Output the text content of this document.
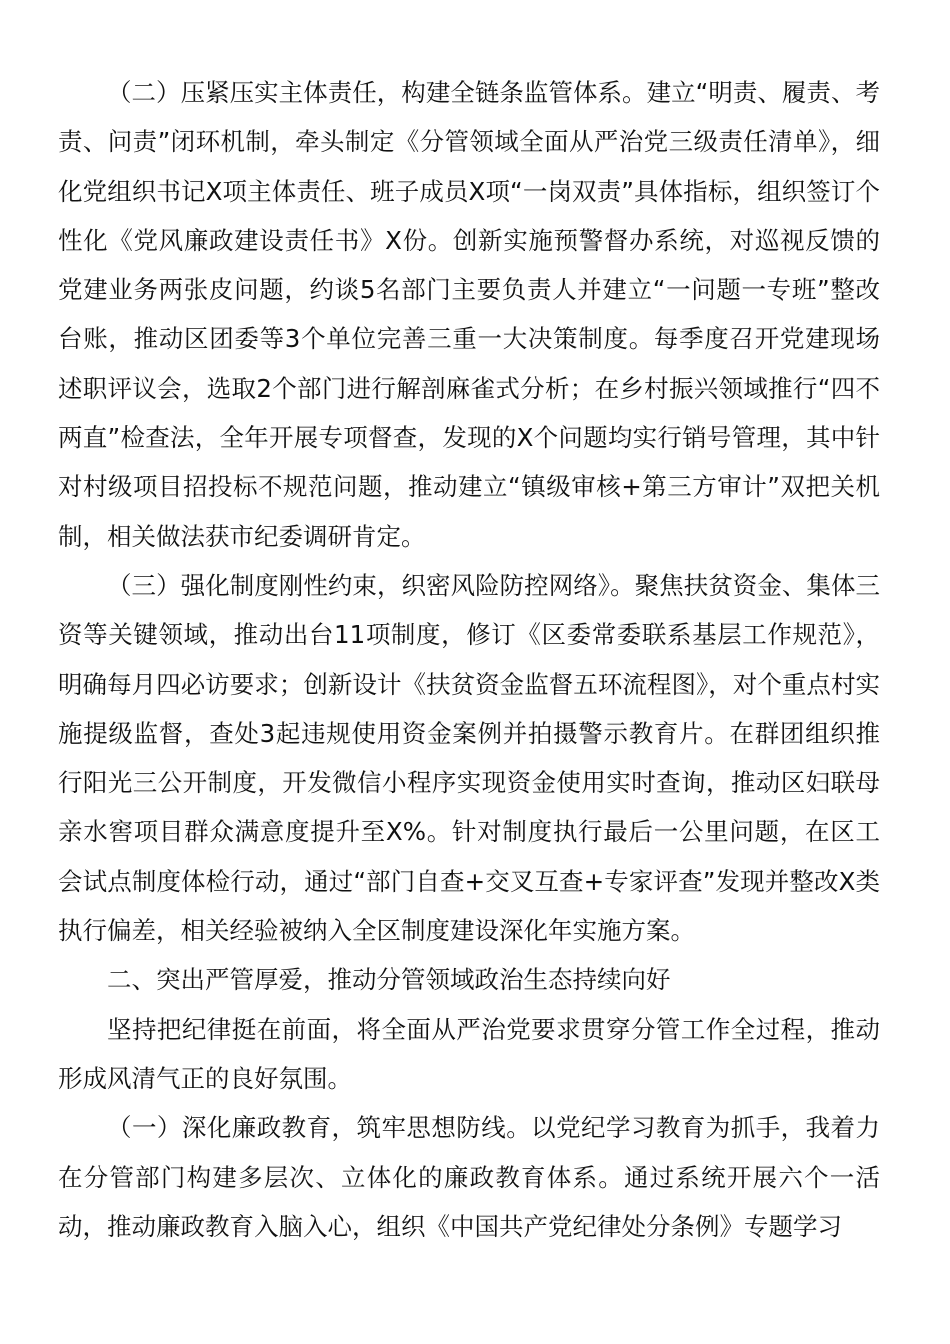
（二）压紧压实主体责任，构建全链条监管体系。建立“明责、履责、考责、问责”闭环机制，牵头制定《分管领域全面从严治党三级责任清单》，细化党组织书记X项主体责任、班子成员X项“一岗双责”具体指标，组织签订个性化《党风廉政建设责任书》X份。创新实施预警督办系统，对巡视反馈的党建业务两张皮问题，约谈5名部门主要负责人并建立“一问题一专班”整改台账，推动区团委等3个单位完善三重一大决策制度。每季度召开党建现场述职评议会，选取2个部门进行解剖麻雀式分析；在乡村振兴领域推行“四不两直”检查法，全年开展专项督查，发现的X个问题均实行销号管理，其中针对村级项目招投标不规范问题，推动建立“镇级审核+第三方审计”双把关机制，相关做法获市纪委调研肯定。

（三）强化制度刚性约束，织密风险防控网络》。聚焦扶贫资金、集体三资等关键领域，推动出台11项制度，修订《区委常委联系基层工作规范》，明确每月四必访要求；创新设计《扶贫资金监督五环流程图》，对个重点村实施提级监督，查处3起违规使用资金案例并拍摄警示教育片。在群团组织推行阳光三公开制度，开发微信小程序实现资金使用实时查询，推动区妇联母亲水窖项目群众满意度提升至X%。针对制度执行最后一公里问题，在区工会试点制度体检行动，通过“部门自查+交叉互查+专家评查”发现并整改X类执行偏差，相关经验被纳入全区制度建设深化年实施方案。

二、突出严管厚爱，推动分管领域政治生态持续向好

坚持把纪律挺在前面，将全面从严治党要求贯穿分管工作全过程，推动形成风清气正的良好氛围。

（一）深化廉政教育，筑牢思想防线。以党纪学习教育为抓手，我着力在分管部门构建多层次、立体化的廉政教育体系。通过系统开展六个一活动，推动廉政教育入脑入心，组织《中国共产党纪律处分条例》专题学习
